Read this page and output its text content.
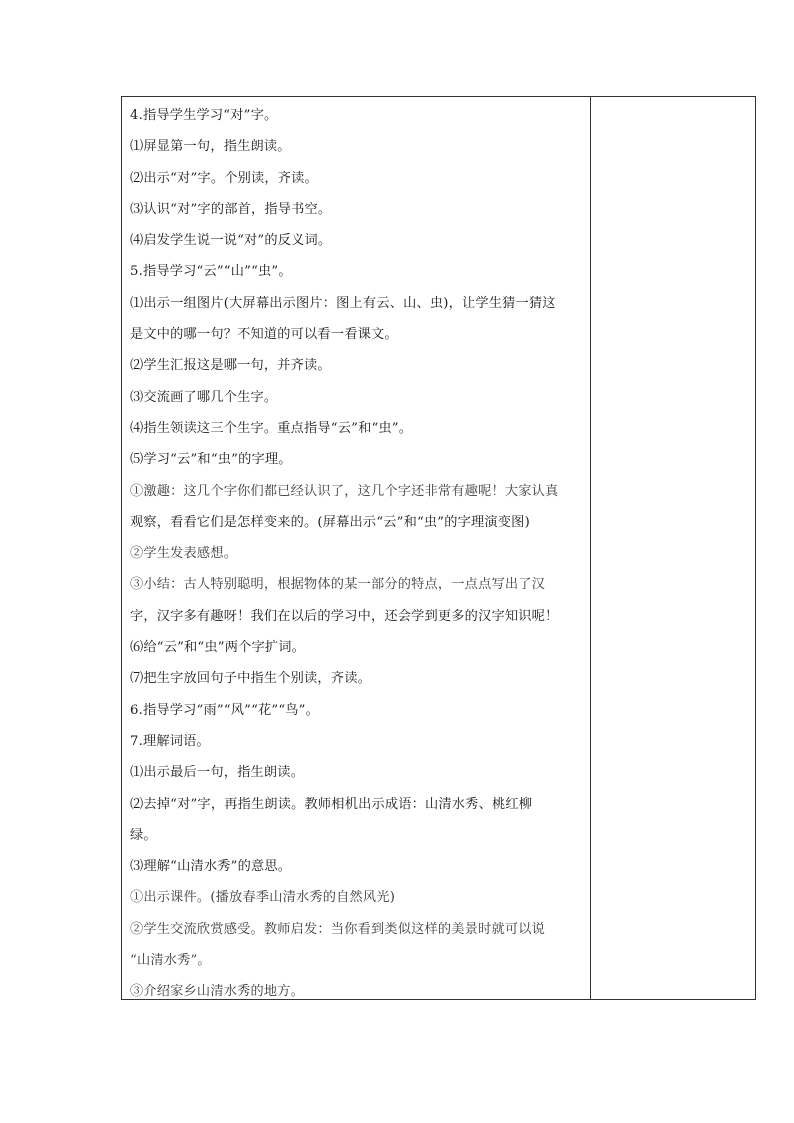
4.指导学生学习“对”字。
⑴屏显第一句，指生朗读。
⑵出示“对”字。个别读，齐读。
⑶认识“对”字的部首，指导书空。
⑷启发学生说一说“对”的反义词。
5.指导学习“云”“山”“虫”。
⑴出示一组图片(大屏幕出示图片：图上有云、山、虫)，让学生猜一猜这
是文中的哪一句？不知道的可以看一看课文。
⑵学生汇报这是哪一句，并齐读。
⑶交流画了哪几个生字。
⑷指生领读这三个生字。重点指导“云”和“虫”。
⑸学习“云”和“虫”的字理。
①激趣：这几个字你们都已经认识了，这几个字还非常有趣呢！大家认真
观察，看看它们是怎样变来的。(屏幕出示“云”和“虫”的字理演变图)
②学生发表感想。
③小结：古人特别聪明，根据物体的某一部分的特点，一点点写出了汉
字，汉字多有趣呀！我们在以后的学习中，还会学到更多的汉字知识呢！
⑹给“云”和“虫”两个字扩词。
⑺把生字放回句子中指生个别读，齐读。
6.指导学习“雨”“风”“花”“鸟”。
7.理解词语。
⑴出示最后一句，指生朗读。
⑵去掉“对”字，再指生朗读。教师相机出示成语：山清水秀、桃红柳
绿。
⑶理解“山清水秀”的意思。
①出示课件。(播放春季山清水秀的自然风光)
②学生交流欣赏感受。教师启发：当你看到类似这样的美景时就可以说
“山清水秀”。
③介绍家乡山清水秀的地方。
